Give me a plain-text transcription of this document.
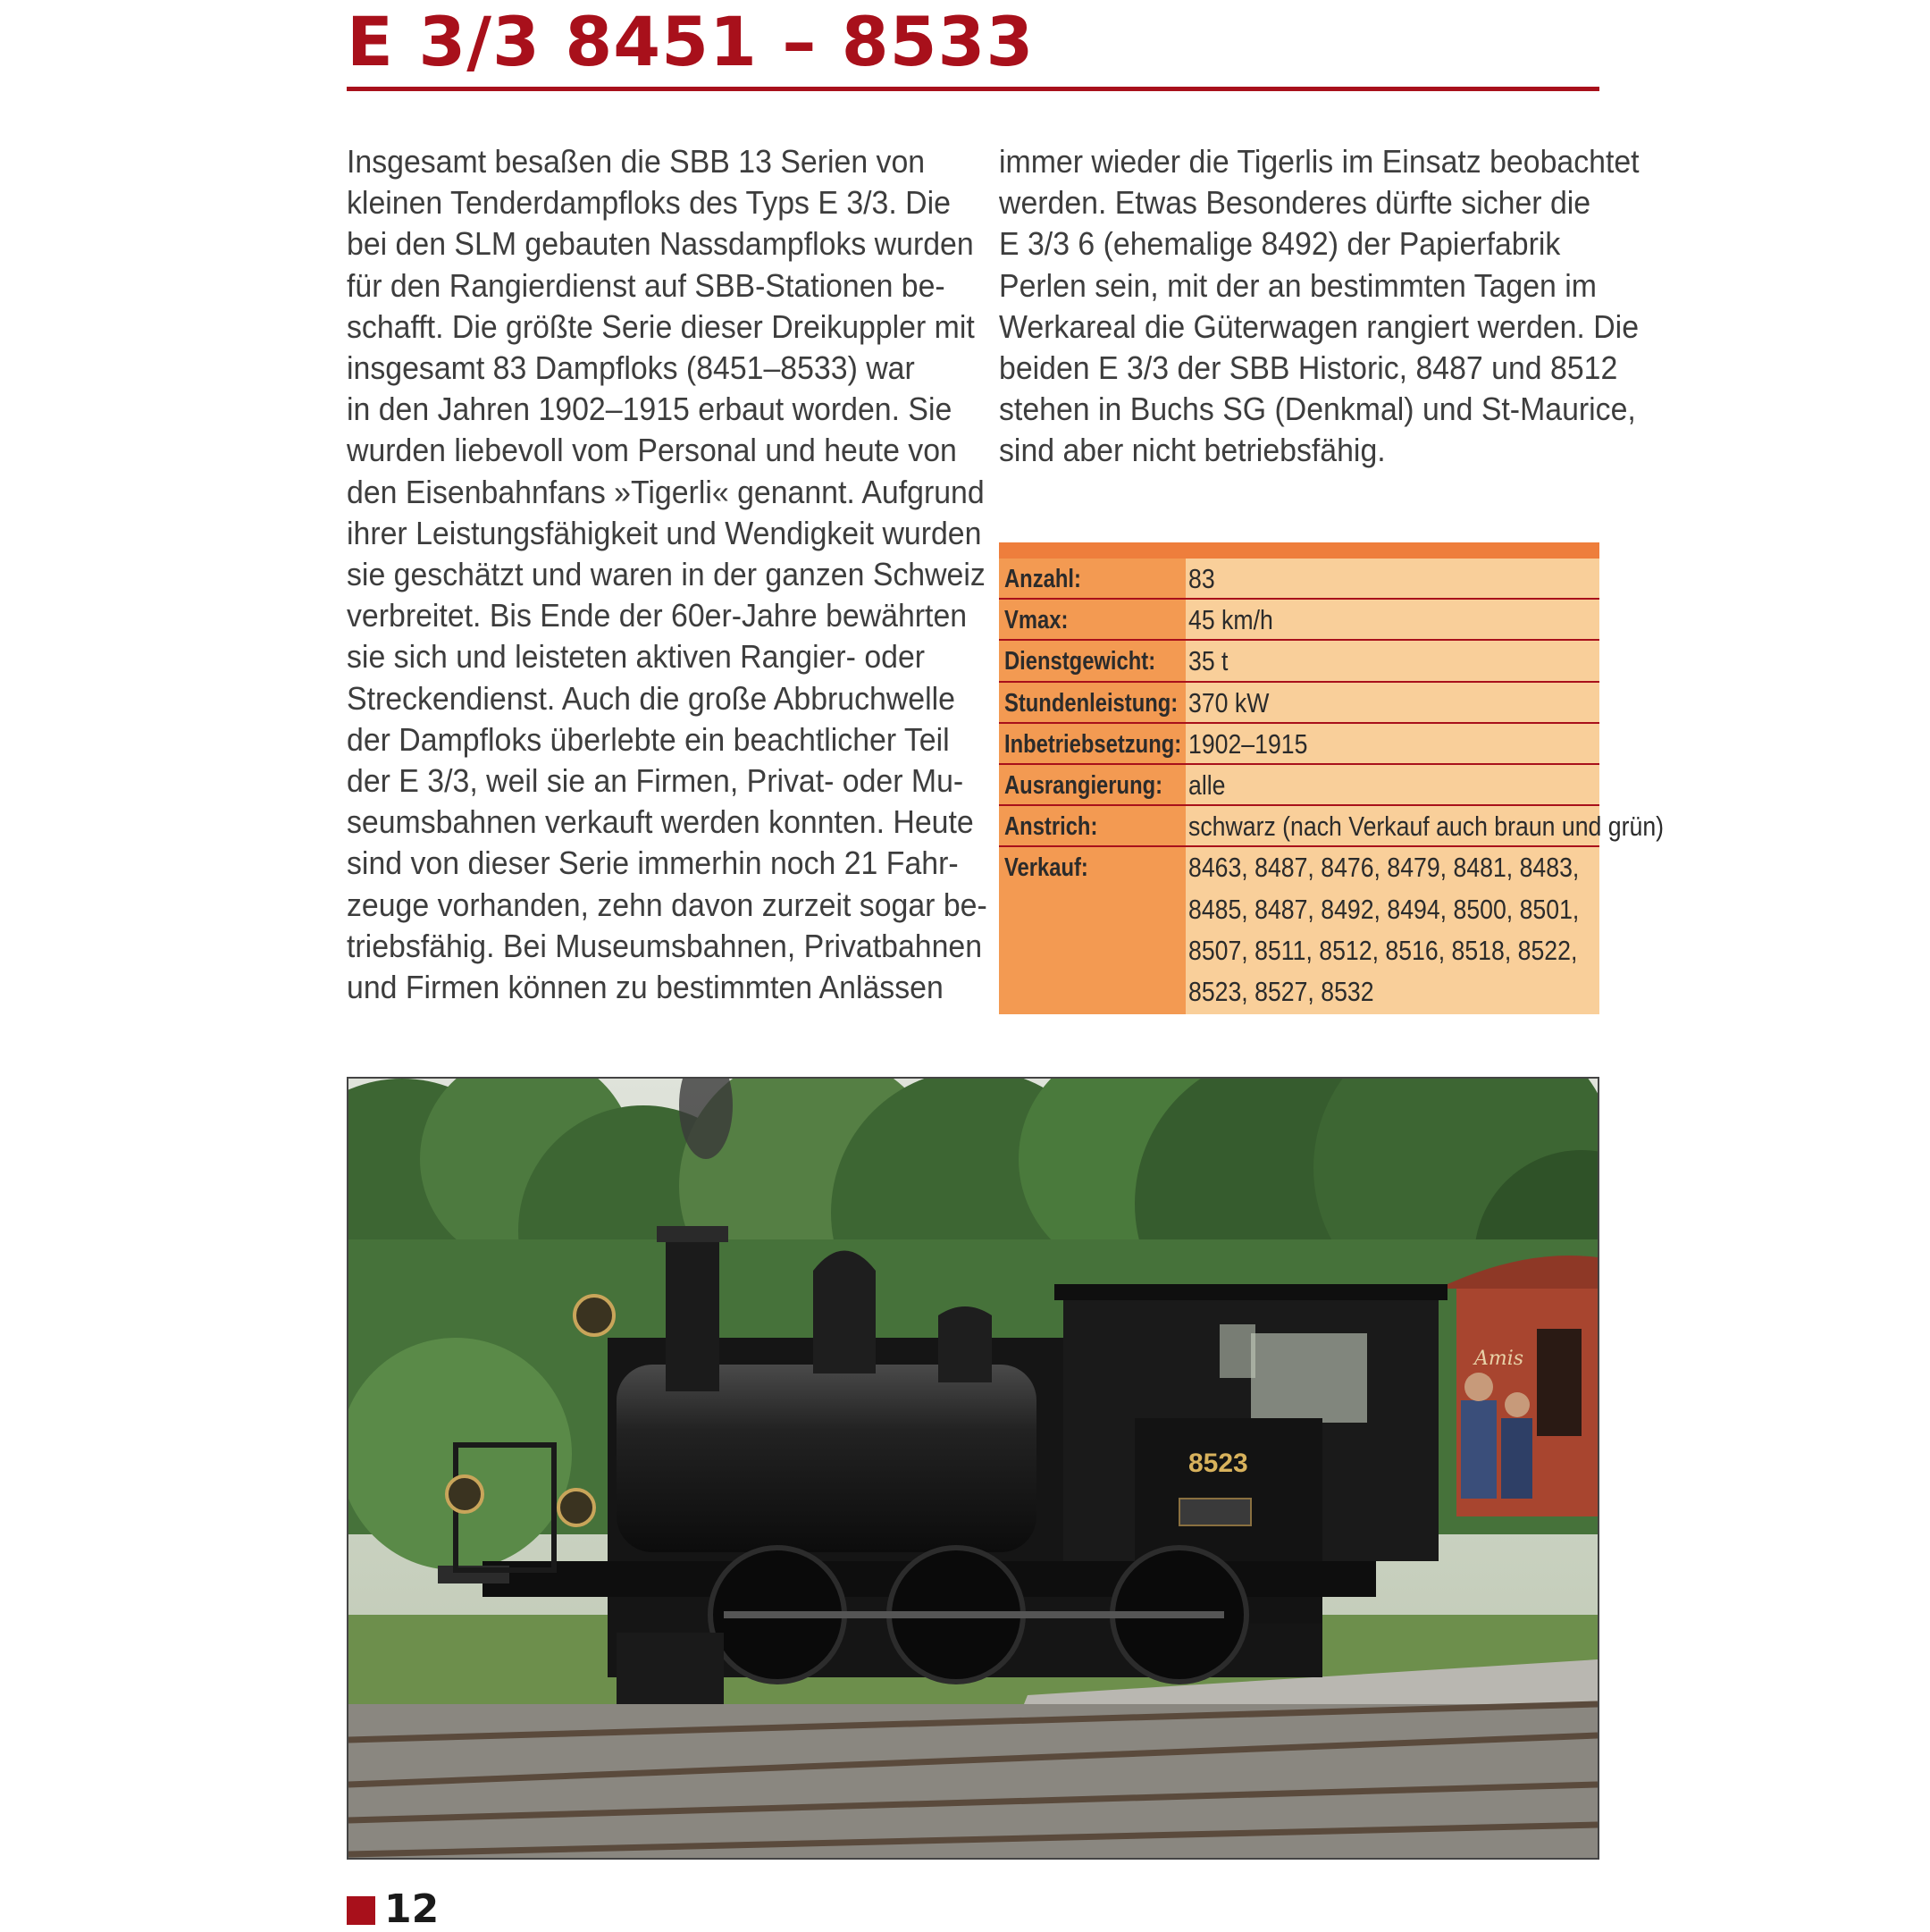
E 3/3 8451 – 8533
Insgesamt besaßen die SBB 13 Serien von
kleinen Tenderdampfloks des Typs E 3/3. Die
bei den SLM gebauten Nassdampfloks wurden
für den Rangierdienst auf SBB-Stationen be-
schafft. Die größte Serie dieser Dreikuppler mit
insgesamt 83 Dampfloks (8451–8533) war
in den Jahren 1902–1915 erbaut worden. Sie
wurden liebevoll vom Personal und heute von
den Eisenbahnfans »Tigerli« genannt. Aufgrund
ihrer Leistungsfähigkeit und Wendigkeit wurden
sie geschätzt und waren in der ganzen Schweiz
verbreitet. Bis Ende der 60er-Jahre bewährten
sie sich und leisteten aktiven Rangier- oder
Streckendienst. Auch die große Abbruchwelle
der Dampfloks überlebte ein beachtlicher Teil
der E 3/3, weil sie an Firmen, Privat- oder Mu-
seumsbahnen verkauft werden konnten. Heute
sind von dieser Serie immerhin noch 21 Fahr-
zeuge vorhanden, zehn davon zurzeit sogar be-
triebsfähig. Bei Museumsbahnen, Privatbahnen
und Firmen können zu bestimmten Anlässen
immer wieder die Tigerlis im Einsatz beobachtet
werden. Etwas Besonderes dürfte sicher die
E 3/3 6 (ehemalige 8492) der Papierfabrik
Perlen sein, mit der an bestimmten Tagen im
Werkareal die Güterwagen rangiert werden. Die
beiden E 3/3 der SBB Historic, 8487 und 8512
stehen in Buchs SG (Denkmal) und St-Maurice,
sind aber nicht betriebsfähig.
Anzahl:	83
Vmax:	45 km/h
Dienstgewicht: 35 t
Stundenleistung: 370 kW
Inbetriebsetzung: 1902–1915
Ausrangierung: alle
Anstrich:	schwarz (nach Verkauf auch braun und grün)
Verkauf:	8463, 8487, 8476, 8479, 8481, 8483,
8485, 8487, 8492, 8494, 8500, 8501,
8507, 8511, 8512, 8516, 8518, 8522,
8523, 8527, 8532
Amis
8523
12
